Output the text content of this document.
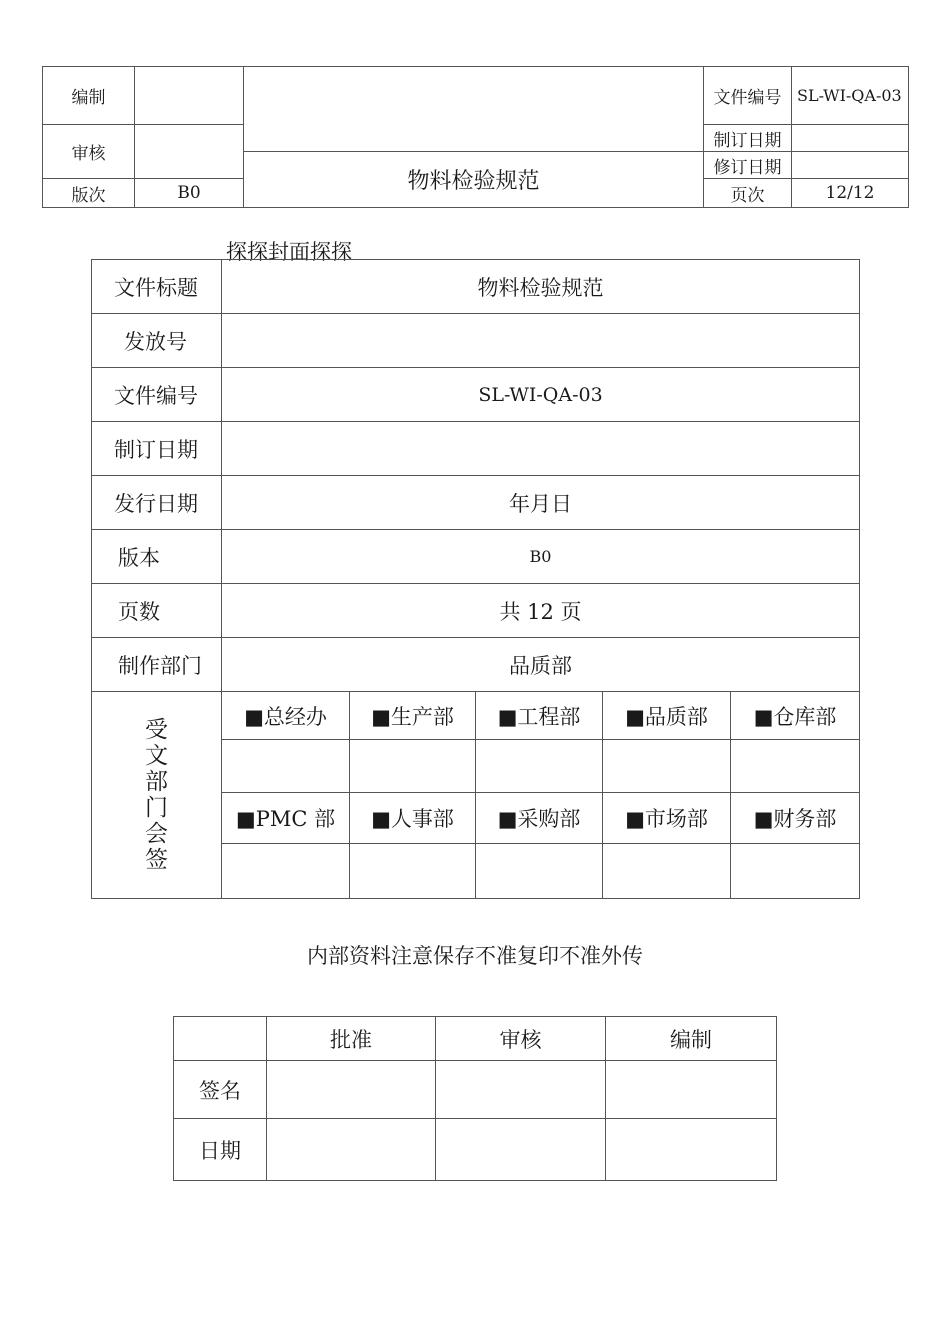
编制			文件编号	SL-WI-QA-03
审核			制订日期	
		物料检验规范	修订日期	
版次	B0		页次	12/12
探探封面探探
文件标题	物料检验规范				
发放号					
文件编号	SL-WI-QA-03				
制订日期					
发行日期	年月日				
版本	B0				
页数	共 12 页				
制作部门	品质部				
受文部门会签	■总经办	■生产部	■工程部	■品质部	■仓库部

	■PMC 部	■人事部	■采购部	■市场部	■财务部

内部资料注意保存不准复印不准外传
	批准	审核	编制
签名			
日期			
